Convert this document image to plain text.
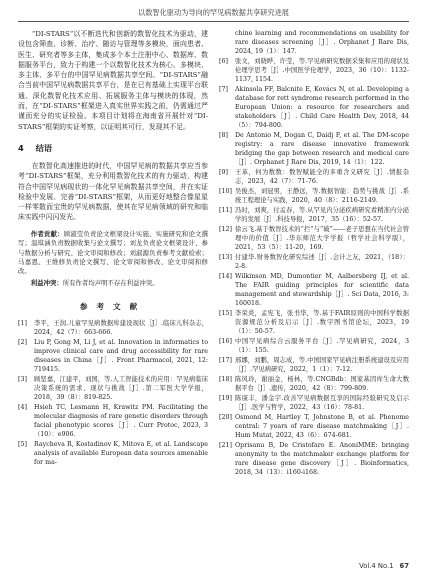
以数智化驱动为导向的罕见病数据共享研究进展

“DI-STARS”以不断迭代和创新的数智化技术为驱动，建设包含筛查、诊断、治疗、随访与管理等多模块，面向患者、医生、研究者等多主体，集成多个本土注册中心、数据库、数据服务平台，致力于构建一个以数智化技术为核心、多模块、多主体、多平台的中国罕见病数据共享空间。“DI-STARS”融合当前中国罕见病数据共享平台，是在已有基础上实现平台联通、深化数智化技术应用、拓展服务主体与模块的体现，然而，在“DI-STARS”框架进入真实世界实践之前，仍需通过严谨而充分的实证检验。本项目计划将在海南省开展针对“DI-STARS”框架的实证考察，以证明其可行，发现其不足。

4 结语

在数智化高速推进的时代，中国罕见病的数据共享应当参考“DI-STARS”框架，充分利用数智化技术的有力驱动，构建符合中国罕见病现状的一体化罕见病数据共享空间，并在实证检验中发展、完善“DI-STARS”框架，从而更好地整合像星星一样零散而宝贵的罕见病数据，使其在罕见病领域的研究和临床实践中闪闪发光。

作者贡献：顾淑莹负责论文框架设计实施、实施研究和论文撰写；温琪涵负责数据收集与论文撰写；刘龙负责论文框架设计、参与数据分析与研究、论文审阅和修改；刘淑源负责参考文献检索；马嘉恩、王维修负责论文撰写、论文审阅和修改、论文审阅和修改。

利益冲突：所有作者均声明不存在利益冲突。

参考文献
[1] 李平，王润.儿童罕见病数据库建设现状［J］.临床儿科杂志，2024，42（7）：663-666.
[2] Liu P, Gong M, Li J, et al. Innovation in informatics to improve clinical care and drug accessibility for rare diseases in China［J］. Front Pharmacol, 2021, 12: 719415.
[3] 顾坚嘉，江建平，刘国，等.人工智能技术的应用：罕见病临床决策系统的需求、现状与挑战［J］.第二军医大学学报，2018，39（8）：819-825.
[4] Hsieh TC, Lesmann H, Krawitz PM. Facilitating the molecular diagnosis of rare genetic disorders through facial phenotypic scores［J］. Curr Protoc, 2023, 3（10）：e906.
[5] Raycheva R, Kostadinov K, Mitova E, et al. Landscape analysis of available European data sources amenable for ma-
chine learning and recommendations on usability for rare diseases screening［J］. Orphanet J Rare Dis, 2024, 19（1）：147.
[6] 张文，刘晓晔，许莹，等.罕见病研究数据采集和应用的现状及伦理学思考［J］.中国医学伦理学，2023，36（10）：1132-1137, 1154.
[7] Akinsola FF, Balcnite E, Kovács N, et al. Developing a database for rett syndrome research performed in the European Union: a resource for researchers and stakeholders［J］. Child Care Health Dev, 2018, 44（5）：794-800.
[8] De Antonio M, Dogan C, Daidj F, et al. The DM-scope registry: a rare disease innovative framework bridging the gap between research and medical care［J］. Orphanet J Rare Dis, 2019, 14（1）：122.
[9] 王革，何为数数：数智赋能全的多重含义研究［J］.情报杂志，2023，42（7）：71-76.
[10] 吴俊杰，刘冠男，王静远，等.数据智能：趋势与挑战［J］.系统工程理论与实践，2020，40（8）：2116-2149.
[11] 冯时，刘爽，付孟春，等.从罕见内分泌疾病研究看精准内分泌学的发展［J］.科技导报，2017，35（16）：52-57.
[12] 徐云飞.基于数智技术的“拦”与“破”——老子思想在当代社会管理中的价值［J］.华东师范大学学报（哲学社会科学版），2021，53（5）：11-20，169.
[13] 付建华.财务数智化研究综述［J］.会计之友，2021，（18）：2-8.
[14] Wilkinson MD, Dumontier M, Aalbersberg IJ, et al. The FAIR guiding principles for scientific data management and stewardship［J］. Sci Data, 2016, 3: 160018.
[15] 李荣炎，孟宪飞，张书华，等.基于FAIR原则的中国科学数据资源规范分析及启示［J］.数字图书馆论坛，2023，19（1）：50-57.
[16] 中国罕见病综合云服务平台［J］.罕见病研究，2024，3（1）：155.
[17] 邢娜，刘鹏，周志成，等.中国国家罕见病注册系统建设及应用［J］.罕见病研究，2022，1（1）：7-12.
[18] 陈风玲，谢丽金，杨林，等.CNGBdb：国家基因库生命大数据平台［J］.遗传，2020，42（8）：799-809.
[19] 陈康丰，潘金宇.改善罕见病数据互享的国际经验研究及启示［J］.医学与哲学，2022，43（16）：78-81.
[20] Osmond M, Hartley T, Johnstone B, et al. Phenome central: 7 years of rare disease matchmaking［J］. Hum Mutat, 2022, 43（6）：674-681.
[21] Oprisanu B, De Cristofaro E. AnoniMME: bringing anonymity to the matchmaker exchange platform for rare disease gene discovery［J］. Bioinformatics, 2018, 34（13）：i160-i168.
Vol.4 No.1 67
